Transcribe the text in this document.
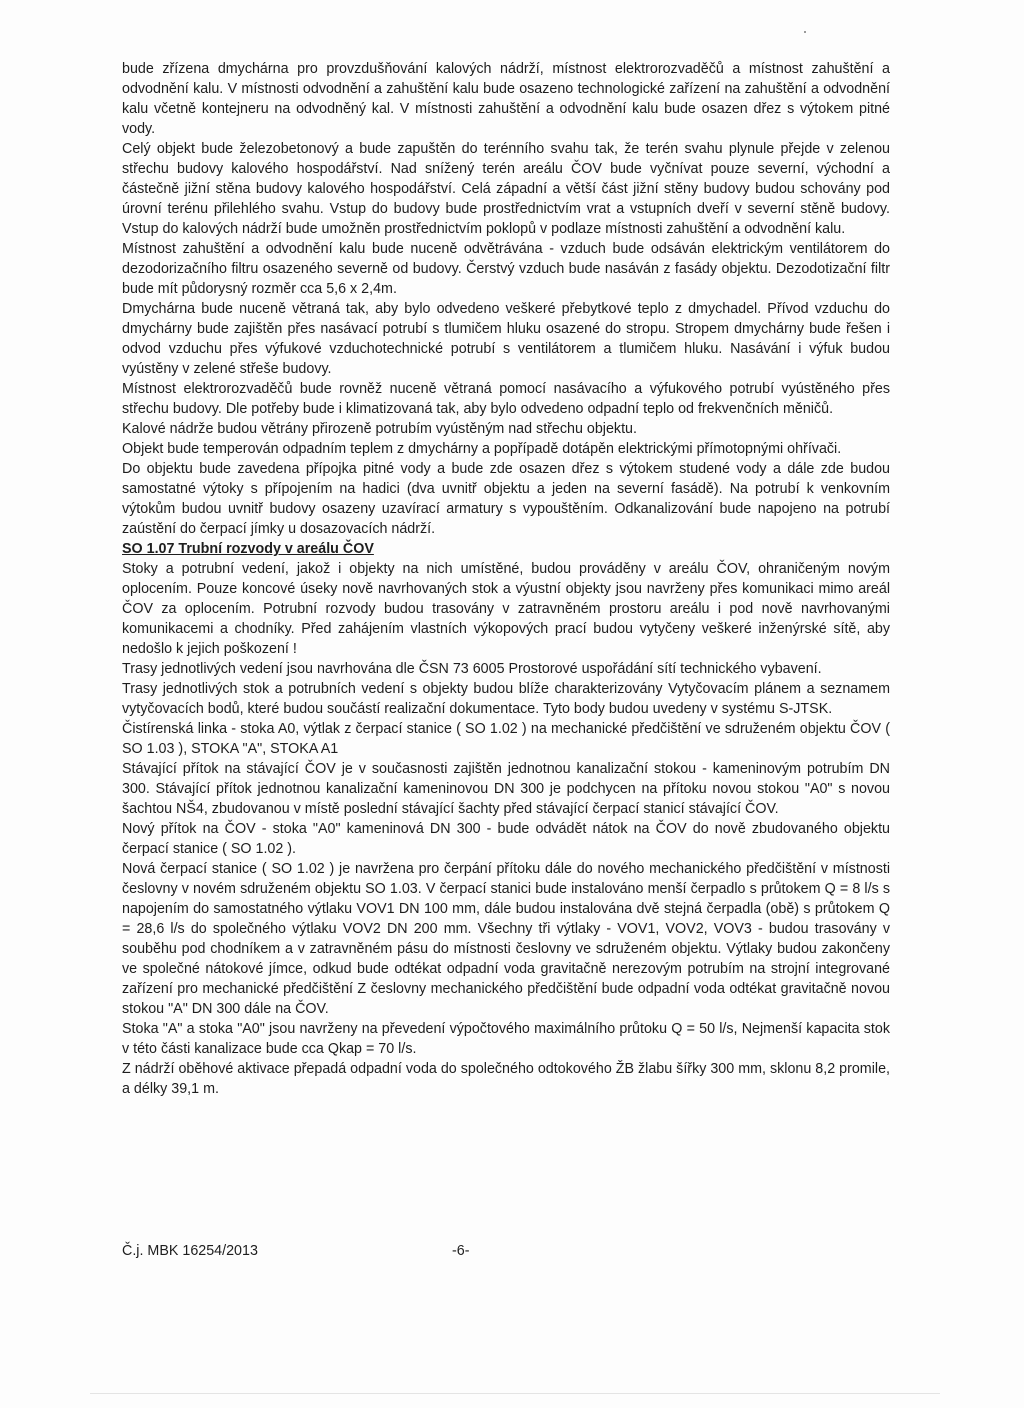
bude zřízena dmychárna pro provzdušňování kalových nádrží, místnost elektrorozvaděčů a místnost zahuštění a odvodnění kalu. V místnosti odvodnění a zahuštění kalu bude osazeno technologické zařízení na zahuštění a odvodnění kalu včetně kontejneru na odvodněný kal. V místnosti zahuštění a odvodnění kalu bude osazen dřez s výtokem pitné vody.

Celý objekt bude železobetonový a bude zapuštěn do terénního svahu tak, že terén svahu plynule přejde v zelenou střechu budovy kalového hospodářství. Nad snížený terén areálu ČOV bude vyčnívat pouze severní, východní a částečně jižní stěna budovy kalového hospodářství. Celá západní a větší část jižní stěny budovy budou schovány pod úrovní terénu přilehlého svahu. Vstup do budovy bude prostřednictvím vrat a vstupních dveří v severní stěně budovy. Vstup do kalových nádrží bude umožněn prostřednictvím poklopů v podlaze místnosti zahuštění a odvodnění kalu.

Místnost zahuštění a odvodnění kalu bude nuceně odvětrávána - vzduch bude odsáván elektrickým ventilátorem do dezodorizačního filtru osazeného severně od budovy. Čerstvý vzduch bude nasáván z fasády objektu. Dezodotizační filtr bude mít půdorysný rozměr cca 5,6 x 2,4m.

Dmychárna bude nuceně větraná tak, aby bylo odvedeno veškeré přebytkové teplo z dmychadel. Přívod vzduchu do dmychárny bude zajištěn přes nasávací potrubí s tlumičem hluku osazené do stropu. Stropem dmychárny bude řešen i odvod vzduchu přes výfukové vzduchotechnické potrubí s ventilátorem a tlumičem hluku. Nasávání i výfuk budou vyústěny v zelené střeše budovy.

Místnost elektrorozvaděčů bude rovněž nuceně větraná pomocí nasávacího a výfukového potrubí vyústěného přes střechu budovy. Dle potřeby bude i klimatizovaná tak, aby bylo odvedeno odpadní teplo od frekvenčních měničů.

Kalové nádrže budou větrány přirozeně potrubím vyústěným nad střechu objektu.

Objekt bude temperován odpadním teplem z dmychárny a popřípadě dotápěn elektrickými přímotopnými ohřívači.

Do objektu bude zavedena přípojka pitné vody a bude zde osazen dřez s výtokem studené vody a dále zde budou samostatné výtoky s přípojením na hadici (dva uvnitř objektu a jeden na severní fasádě). Na potrubí k venkovním výtokům budou uvnitř budovy osazeny uzavírací armatury s vypouštěním. Odkanalizování bude napojeno na potrubí zaústění do čerpací jímky u dosazovacích nádrží.

SO 1.07 Trubní rozvody v areálu ČOV

Stoky a potrubní vedení, jakož i objekty na nich umístěné, budou prováděny v areálu ČOV, ohraničeným novým oplocením. Pouze koncové úseky nově navrhovaných stok a výustní objekty jsou navrženy přes komunikaci mimo areál ČOV za oplocením. Potrubní rozvody budou trasovány v zatravněném prostoru areálu i pod nově navrhovanými komunikacemi a chodníky. Před zahájením vlastních výkopových prací budou vytyčeny veškeré inženýrské sítě, aby nedošlo k jejich poškození !

Trasy jednotlivých vedení jsou navrhována dle ČSN 73 6005 Prostorové uspořádání sítí technického vybavení.

Trasy jednotlivých stok a potrubních vedení s objekty budou blíže charakterizovány Vytyčovacím plánem a seznamem vytyčovacích bodů, které budou součástí realizační dokumentace. Tyto body budou uvedeny v systému S-JTSK.

Čistírenská linka - stoka A0, výtlak z čerpací stanice ( SO 1.02 ) na mechanické předčištění ve sdruženém objektu ČOV ( SO 1.03 ), STOKA "A", STOKA A1

Stávající přítok na stávající ČOV je v současnosti zajištěn jednotnou kanalizační stokou - kameninovým potrubím DN 300. Stávající přítok jednotnou kanalizační kameninovou DN 300 je podchycen na přítoku novou stokou "A0" s novou šachtou NŠ4, zbudovanou v místě poslední stávající šachty před stávající čerpací stanicí stávající ČOV.

Nový přítok na ČOV - stoka "A0" kameninová DN 300 - bude odvádět nátok na ČOV do nově zbudovaného objektu čerpací stanice ( SO 1.02 ).

Nová čerpací stanice ( SO 1.02 ) je navržena pro čerpání přítoku dále do nového mechanického předčištění v místnosti česlovny v novém sdruženém objektu SO 1.03. V čerpací stanici bude instalováno menší čerpadlo s průtokem Q = 8 l/s s napojením do samostatného výtlaku VOV1 DN 100 mm, dále budou instalována dvě stejná čerpadla (obě) s průtokem Q = 28,6 l/s do společného výtlaku VOV2 DN 200 mm. Všechny tři výtlaky - VOV1, VOV2, VOV3 - budou trasovány v souběhu pod chodníkem a v zatravněném pásu do místnosti česlovny ve sdruženém objektu. Výtlaky budou zakončeny ve společné nátokové jímce, odkud bude odtékat odpadní voda gravitačně nerezovým potrubím na strojní integrované zařízení pro mechanické předčištění Z česlovny mechanického předčištění bude odpadní voda odtékat gravitačně novou stokou "A" DN 300 dále na ČOV.

Stoka "A" a stoka "A0" jsou navrženy na převedení výpočtového maximálního průtoku Q = 50 l/s, Nejmenší kapacita stok v této části kanalizace bude cca Qkap = 70 l/s.

Z nádrží oběhové aktivace přepadá odpadní voda do společného odtokového ŽB žlabu šířky 300 mm, sklonu 8,2 promile, a délky 39,1 m.

Č.j. MBK 16254/2013	-6-
